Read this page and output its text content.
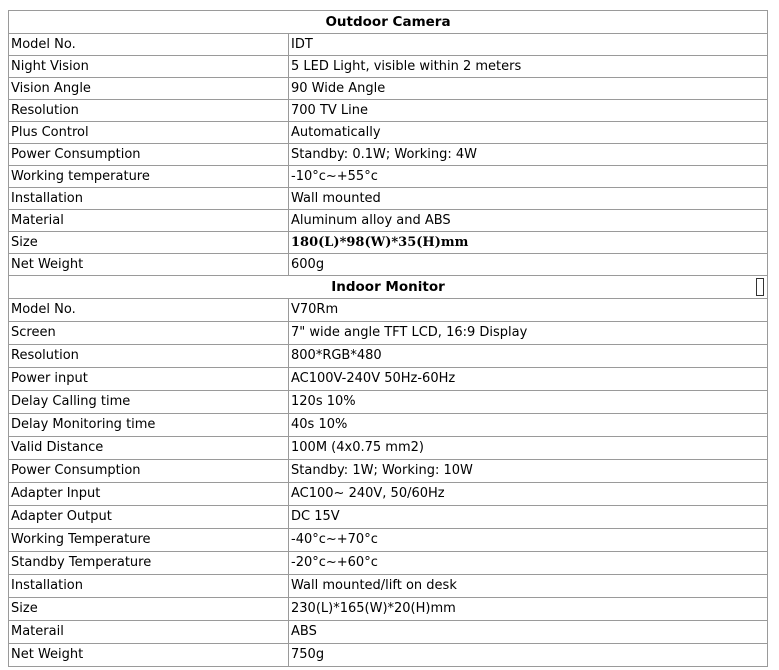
Outdoor Camera	
Model No.	IDT
Night Vision	5 LED Light, visible within 2 meters
Vision Angle	90 Wide Angle
Resolution	700 TV Line
Plus Control	Automatically
Power Consumption	Standby: 0.1W; Working: 4W
Working temperature	-10°c~+55°c
Installation	Wall mounted
Material	Aluminum alloy and ABS
Size	180(L)*98(W)*35(H)mm
Net Weight	600g
Indoor Monitor	

Model No.	V70Rm
Screen	7" wide angle TFT LCD, 16:9 Display
Resolution	800*RGB*480
Power input	AC100V-240V 50Hz-60Hz
Delay Calling time	120s 10%
Delay Monitoring time	40s 10%
Valid Distance	100M (4x0.75 mm2)
Power Consumption	Standby: 1W; Working: 10W
Adapter Input	AC100~ 240V, 50/60Hz
Adapter Output	DC 15V
Working Temperature	-40°c~+70°c
Standby Temperature	-20°c~+60°c
Installation	Wall mounted/lift on desk
Size	230(L)*165(W)*20(H)mm
Materail	ABS
Net Weight	750g
